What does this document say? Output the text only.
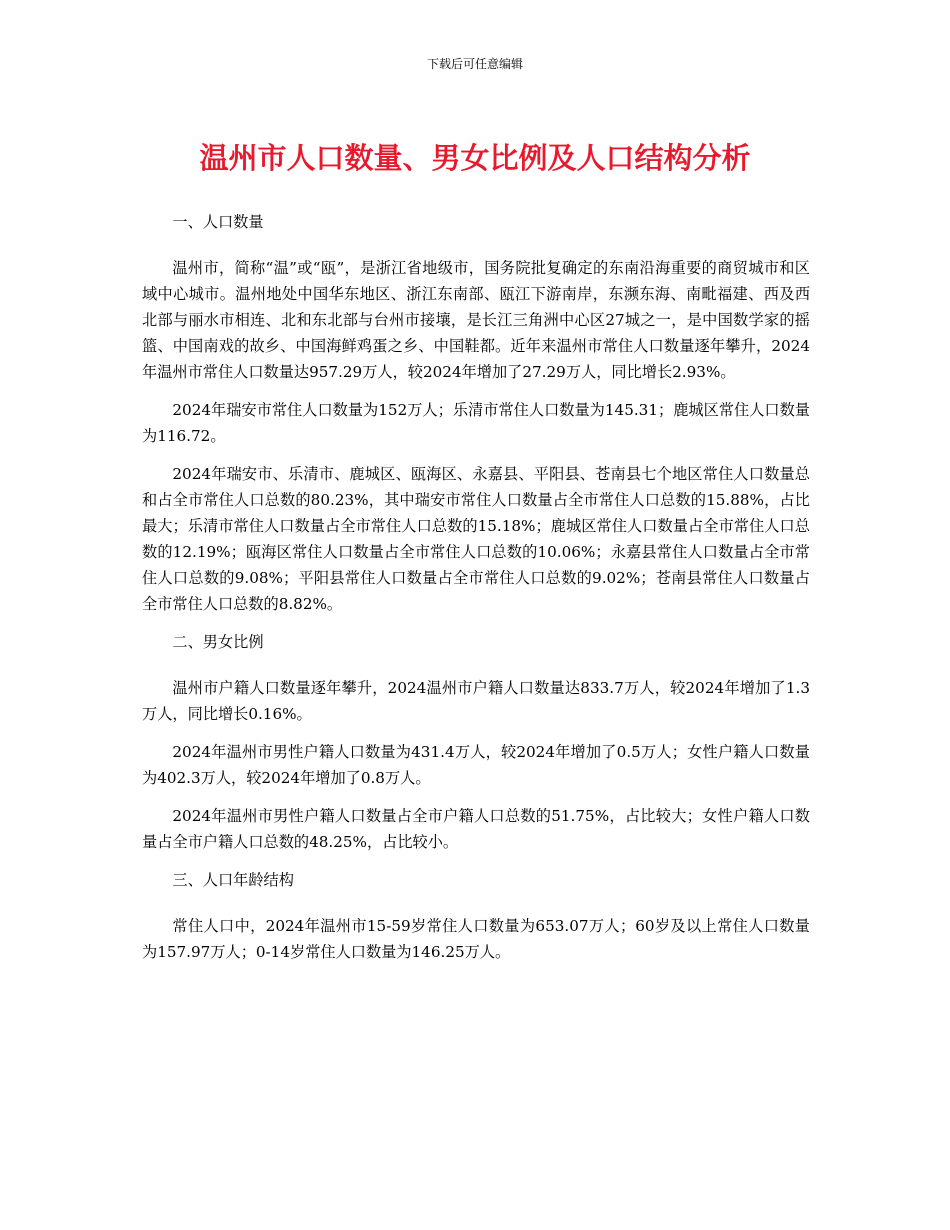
下载后可任意编辑
温州市人口数量、男女比例及人口结构分析

一、人口数量

温州市，简称“温”或“瓯”，是浙江省地级市，国务院批复确定的东南沿海重要的商贸城市和区域中心城市。温州地处中国华东地区、浙江东南部、瓯江下游南岸，东濒东海、南毗福建、西及西北部与丽水市相连、北和东北部与台州市接壤，是长江三角洲中心区27城之一，是中国数学家的摇篮、中国南戏的故乡、中国海鲜鸡蛋之乡、中国鞋都。近年来温州市常住人口数量逐年攀升，2024年温州市常住人口数量达957.29万人，较2024年增加了27.29万人，同比增长2.93%。

2024年瑞安市常住人口数量为152万人；乐清市常住人口数量为145.31；鹿城区常住人口数量为116.72。

2024年瑞安市、乐清市、鹿城区、瓯海区、永嘉县、平阳县、苍南县七个地区常住人口数量总和占全市常住人口总数的80.23%，其中瑞安市常住人口数量占全市常住人口总数的15.88%，占比最大；乐清市常住人口数量占全市常住人口总数的15.18%；鹿城区常住人口数量占全市常住人口总数的12.19%；瓯海区常住人口数量占全市常住人口总数的10.06%；永嘉县常住人口数量占全市常住人口总数的9.08%；平阳县常住人口数量占全市常住人口总数的9.02%；苍南县常住人口数量占全市常住人口总数的8.82%。

二、男女比例

温州市户籍人口数量逐年攀升，2024温州市户籍人口数量达833.7万人，较2024年增加了1.3万人，同比增长0.16%。

2024年温州市男性户籍人口数量为431.4万人，较2024年增加了0.5万人；女性户籍人口数量为402.3万人，较2024年增加了0.8万人。

2024年温州市男性户籍人口数量占全市户籍人口总数的51.75%，占比较大；女性户籍人口数量占全市户籍人口总数的48.25%，占比较小。

三、人口年龄结构

常住人口中，2024年温州市15-59岁常住人口数量为653.07万人；60岁及以上常住人口数量为157.97万人；0-14岁常住人口数量为146.25万人。
